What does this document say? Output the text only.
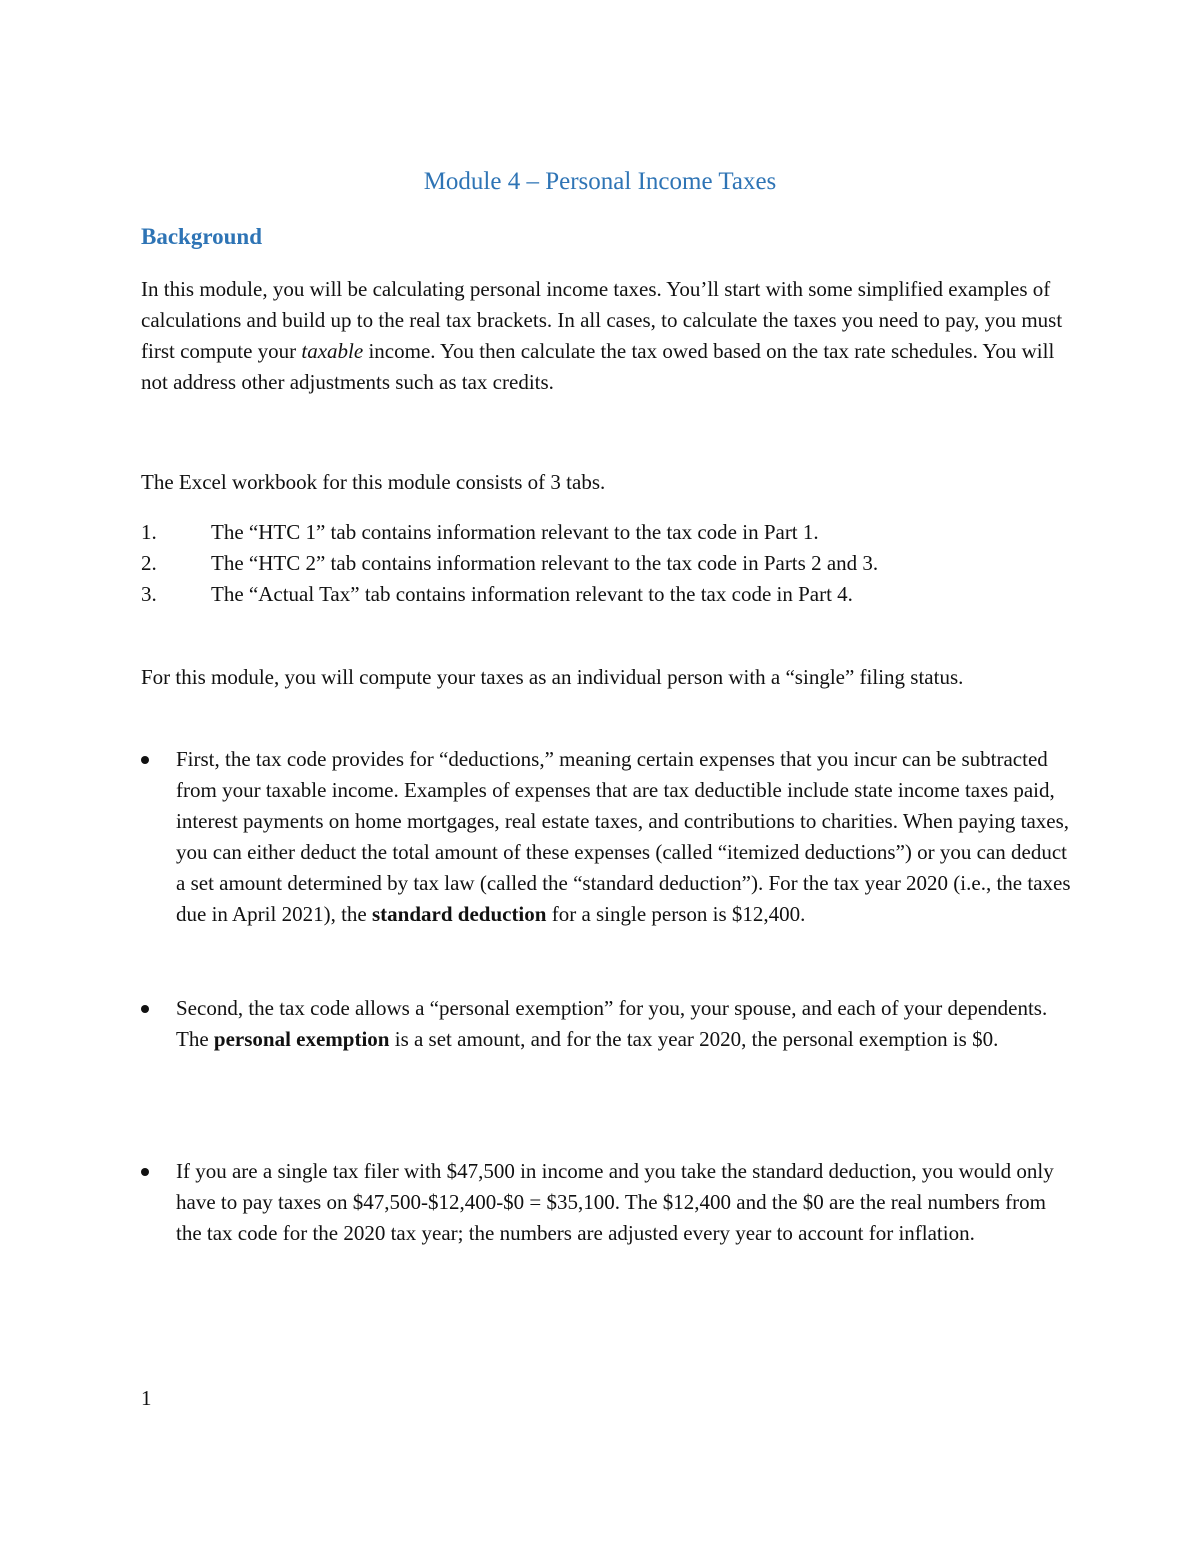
Module 4 – Personal Income Taxes
Background

In this module, you will be calculating personal income taxes. You’ll start with some simplified examples of calculations and build up to the real tax brackets. In all cases, to calculate the taxes you need to pay, you must first compute your taxable income. You then calculate the tax owed based on the tax rate schedules. You will not address other adjustments such as tax credits.

The Excel workbook for this module consists of 3 tabs.

1.	The “HTC 1” tab contains information relevant to the tax code in Part 1.
2.	The “HTC 2” tab contains information relevant to the tax code in Parts 2 and 3.
3.	The “Actual Tax” tab contains information relevant to the tax code in Part 4.

For this module, you will compute your taxes as an individual person with a “single” filing status.

First, the tax code provides for “deductions,” meaning certain expenses that you incur can be subtracted from your taxable income. Examples of expenses that are tax deductible include state income taxes paid, interest payments on home mortgages, real estate taxes, and contributions to charities. When paying taxes, you can either deduct the total amount of these expenses (called “itemized deductions”) or you can deduct a set amount determined by tax law (called the “standard deduction”). For the tax year 2020 (i.e., the taxes due in April 2021), the standard deduction for a single person is $12,400.
Second, the tax code allows a “personal exemption” for you, your spouse, and each of your dependents. The personal exemption is a set amount, and for the tax year 2020, the personal exemption is $0.
If you are a single tax filer with $47,500 in income and you take the standard deduction, you would only have to pay taxes on $47,500-$12,400-$0 = $35,100. The $12,400 and the $0 are the real numbers from the tax code for the 2020 tax year; the numbers are adjusted every year to account for inflation.
1
